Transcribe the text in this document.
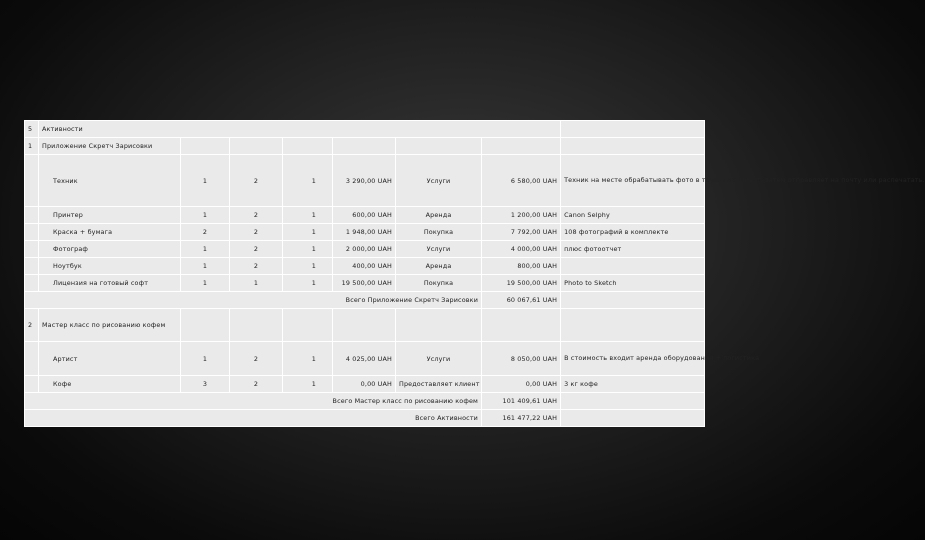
5	Активности							
1	Приложение Скретч Зарисовки							
	Техник	1	2	1	3 290,00 UAH	Услуги	6 580,00 UAH	Техник на месте обрабатывать фото в течении 3 минут, затем отправляет на почту или распечатать.
	Принтер	1	2	1	600,00 UAH	Аренда	1 200,00 UAH	Canon Selphy
	Краска + бумага	2	2	1	1 948,00 UAH	Покупка	7 792,00 UAH	108 фотографий в комплекте
	Фотограф	1	2	1	2 000,00 UAH	Услуги	4 000,00 UAH	плюс фотоотчет
	Ноутбук	1	2	1	400,00 UAH	Аренда	800,00 UAH	
	Лицензия на готовый софт	1	1	1	19 500,00 UAH	Покупка	19 500,00 UAH	Photo to Sketch
Всего Приложение Скретч Зарисовки							60 067,61 UAH	
2	Мастер класс по рисованию кофем							
	Артист	1	2	1	4 025,00 UAH	Услуги	8 050,00 UAH	В стоимость входит аренда оборудования + логистика
	Кофе	3	2	1	0,00 UAH	Предоставляет клиент	0,00 UAH	3 кг кофе
Всего Мастер класс по рисованию кофем							101 409,61 UAH	
Всего Активности							161 477,22 UAH	
